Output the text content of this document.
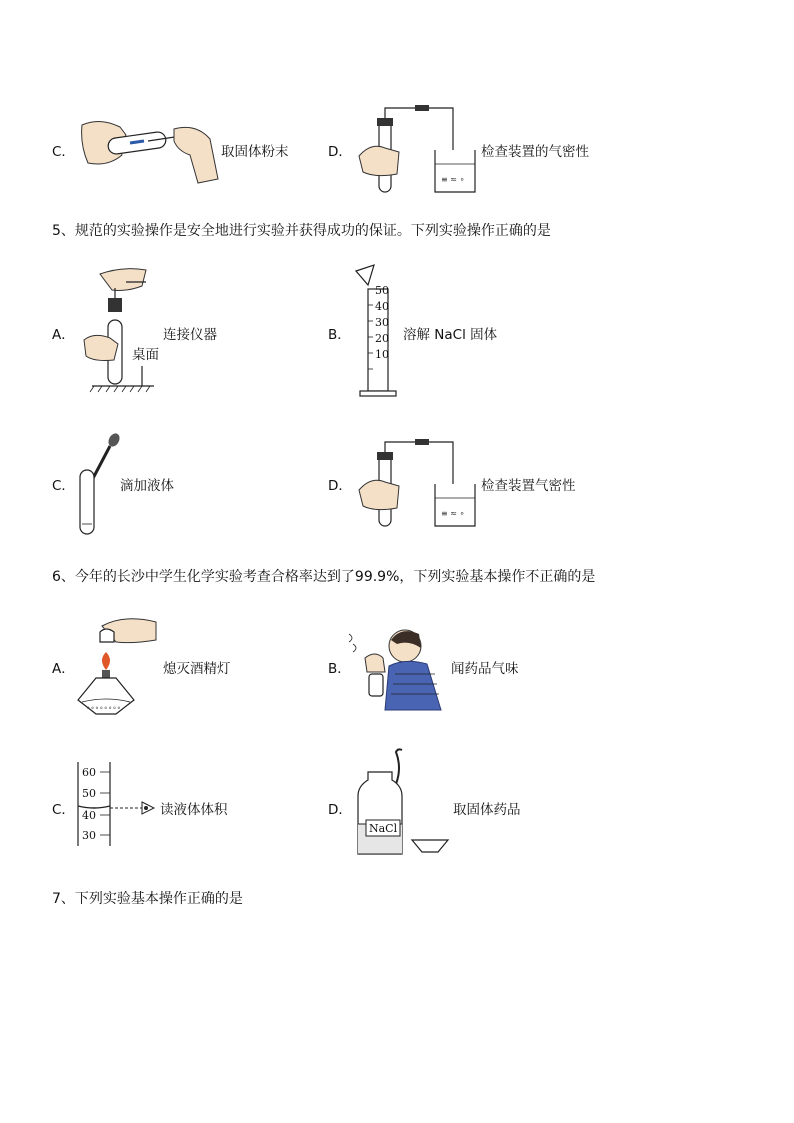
C．	取固体粉末	D．
≡ ≈ ∘
检查装置的气密性
5、规范的实验操作是安全地进行实验并获得成功的保证。下列实验操作正确的是
A．	连接仪器
桌面
B．
50
40
30
20
10
溶解 NaCl 固体
C．	滴加液体	D．
≡ ≈ ∘
检查装置气密性
6、今年的长沙中学生化学实验考查合格率达到了99.9%，下列实验基本操作不正确的是
A．
∘∘∘∘∘∘∘∘
熄灭酒精灯	B．	闻药品气味
C．
60
50
40
30
读液体体积	D．
NaCl
取固体药品
7、下列实验基本操作正确的是
